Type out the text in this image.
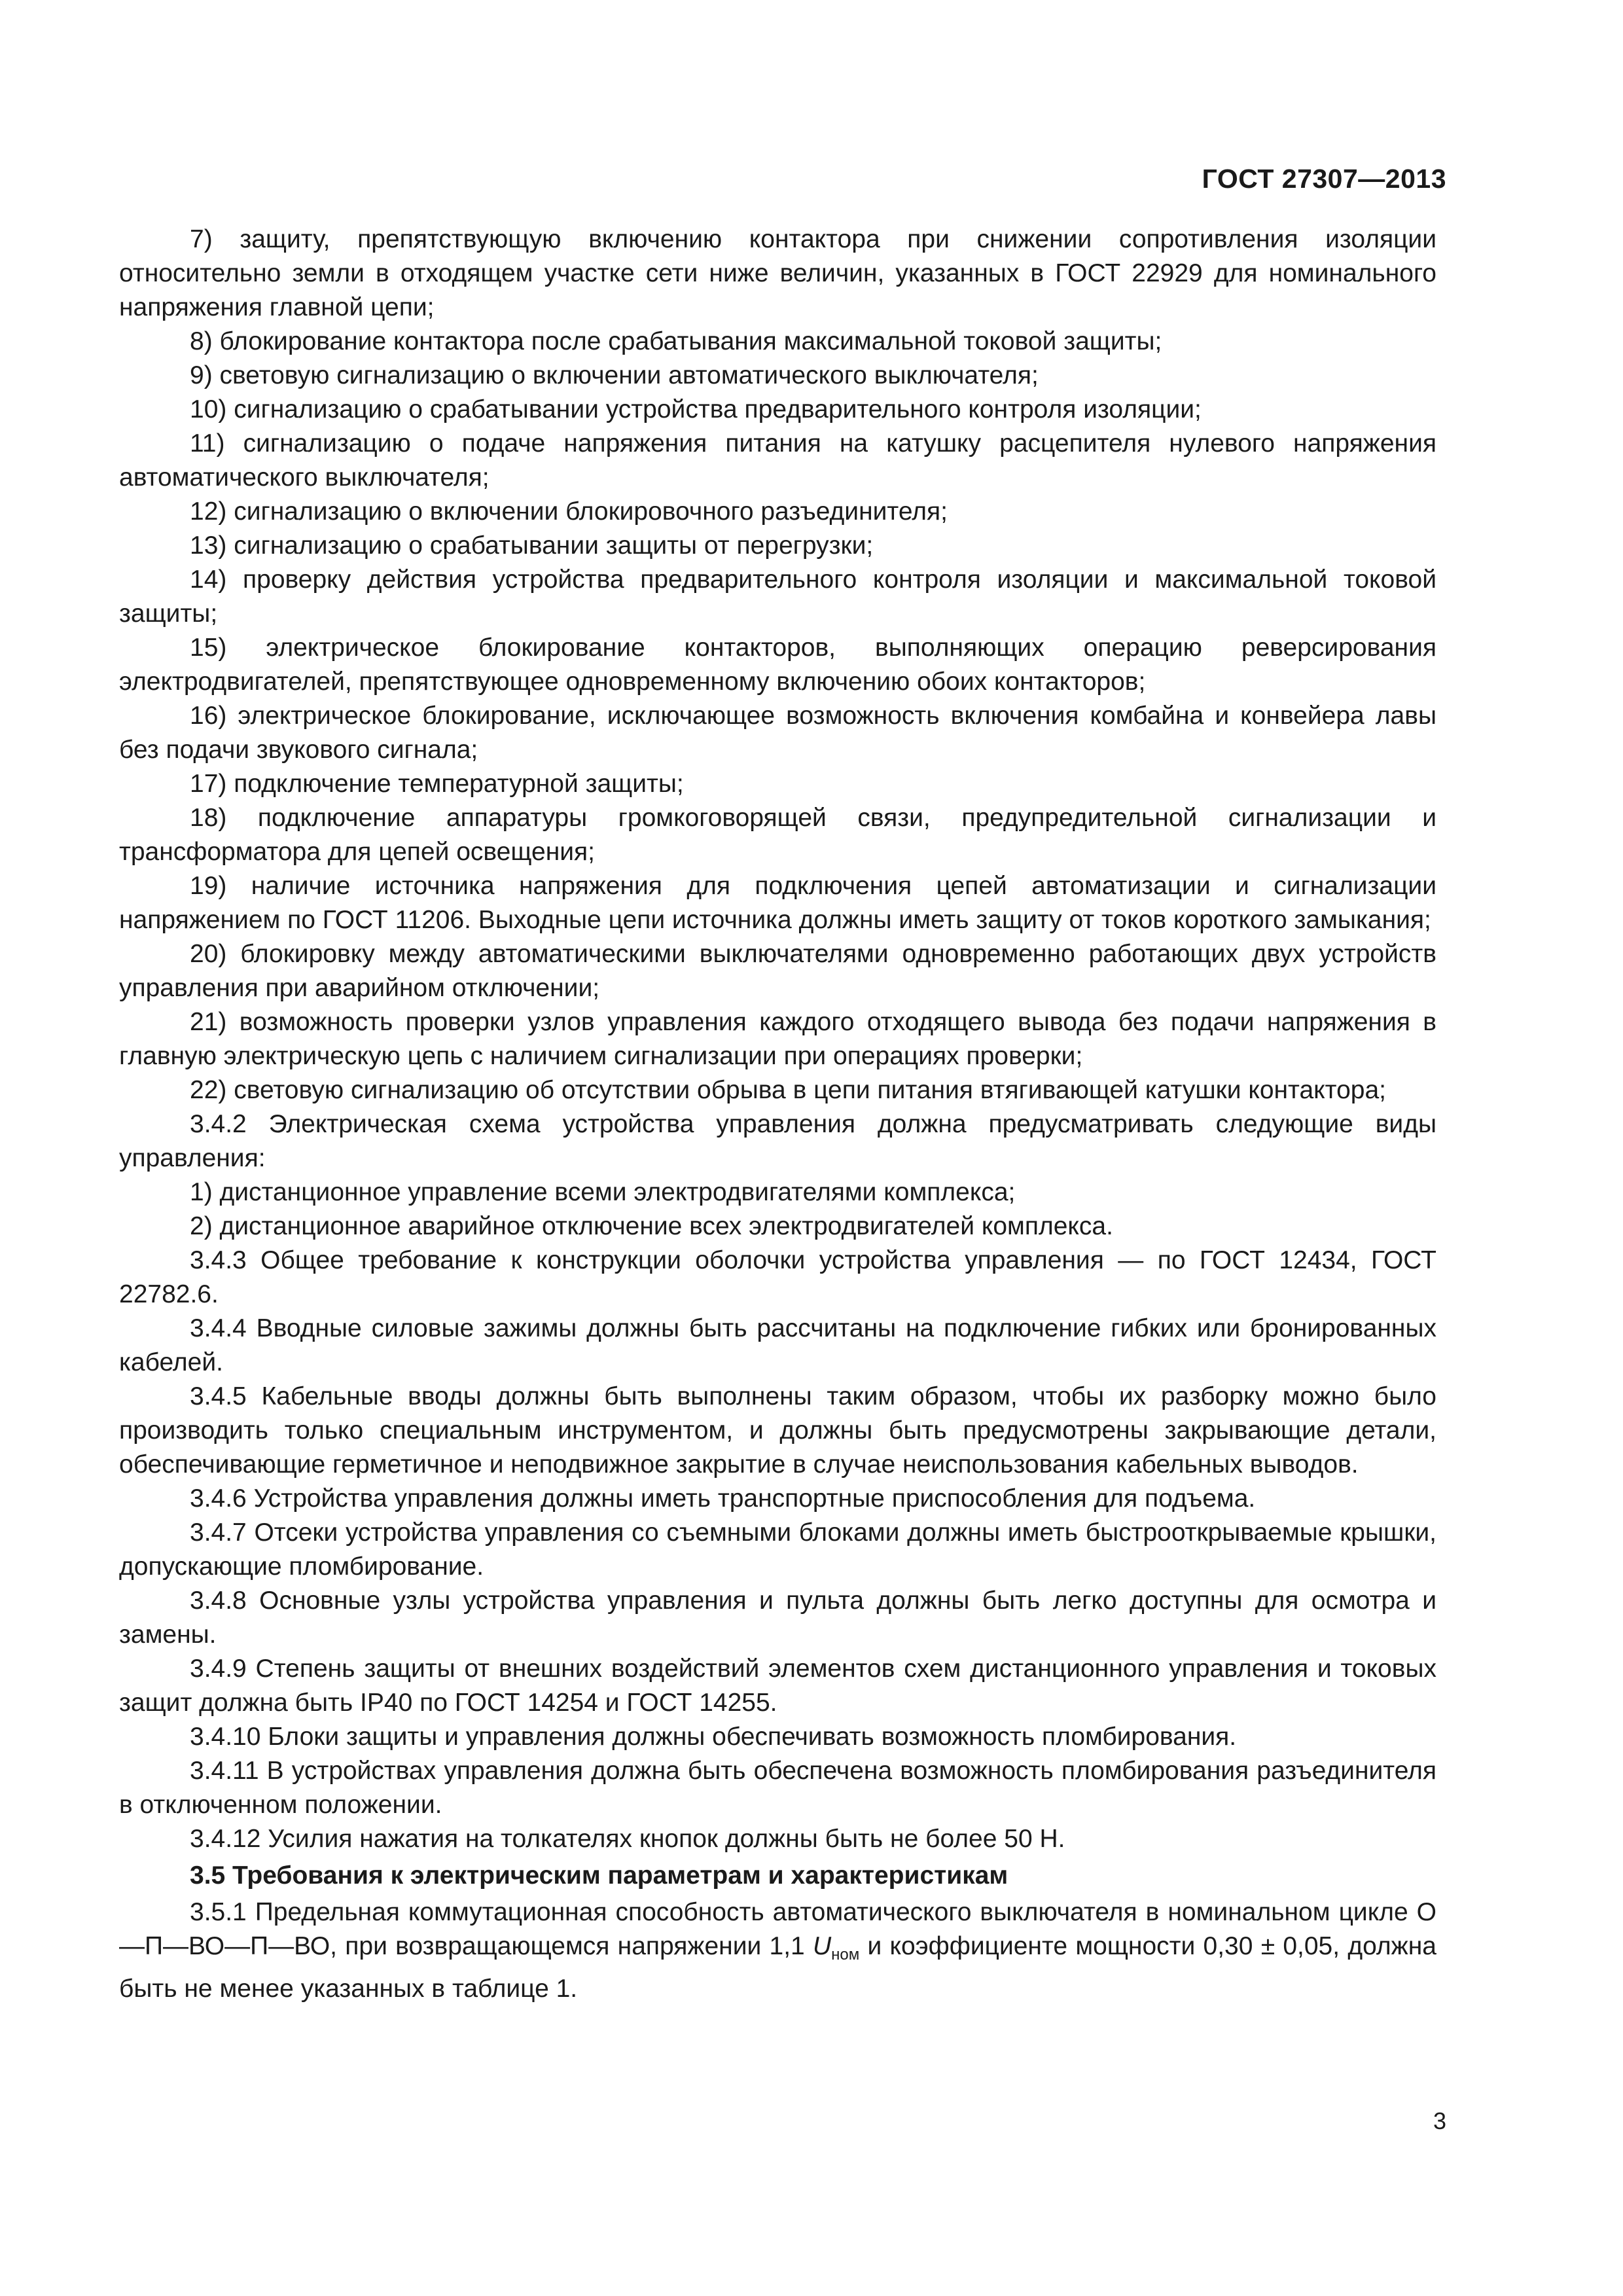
ГОСТ 27307—2013

7) защиту, препятствующую включению контактора при снижении сопротивления изоляции относительно земли в отходящем участке сети ниже величин, указанных в ГОСТ 22929 для номинального напряжения главной цепи;

8) блокирование контактора после срабатывания максимальной токовой защиты;

9) световую сигнализацию о включении автоматического выключателя;

10) сигнализацию о срабатывании устройства предварительного контроля изоляции;

11) сигнализацию о подаче напряжения питания на катушку расцепителя нулевого напряжения автоматического выключателя;

12) сигнализацию о включении блокировочного разъединителя;

13) сигнализацию о срабатывании защиты от перегрузки;

14) проверку действия устройства предварительного контроля изоляции и максимальной токовой защиты;

15) электрическое блокирование контакторов, выполняющих операцию реверсирования электродвигателей, препятствующее одновременному включению обоих контакторов;

16) электрическое блокирование, исключающее возможность включения комбайна и конвейера лавы без подачи звукового сигнала;

17) подключение температурной защиты;

18) подключение аппаратуры громкоговорящей связи, предупредительной сигнализации и трансформатора для цепей освещения;

19) наличие источника напряжения для подключения цепей автоматизации и сигнализации напряжением по ГОСТ 11206. Выходные цепи источника должны иметь защиту от токов короткого замыкания;

20) блокировку между автоматическими выключателями одновременно работающих двух устройств управления при аварийном отключении;

21) возможность проверки узлов управления каждого отходящего вывода без подачи напряжения в главную электрическую цепь с наличием сигнализации при операциях проверки;

22) световую сигнализацию об отсутствии обрыва в цепи питания втягивающей катушки контактора;

3.4.2 Электрическая схема устройства управления должна предусматривать следующие виды управления:

1) дистанционное управление всеми электродвигателями комплекса;

2) дистанционное аварийное отключение всех электродвигателей комплекса.

3.4.3 Общее требование к конструкции оболочки устройства управления — по ГОСТ 12434, ГОСТ 22782.6.

3.4.4 Вводные силовые зажимы должны быть рассчитаны на подключение гибких или бронированных кабелей.

3.4.5 Кабельные вводы должны быть выполнены таким образом, чтобы их разборку можно было производить только специальным инструментом, и должны быть предусмотрены закрывающие детали, обеспечивающие герметичное и неподвижное закрытие в случае неиспользования кабельных выводов.

3.4.6 Устройства управления должны иметь транспортные приспособления для подъема.

3.4.7 Отсеки устройства управления со съемными блоками должны иметь быстрооткрываемые крышки, допускающие пломбирование.

3.4.8 Основные узлы устройства управления и пульта должны быть легко доступны для осмотра и замены.

3.4.9 Степень защиты от внешних воздействий элементов схем дистанционного управления и токовых защит должна быть IP40 по ГОСТ 14254 и ГОСТ 14255.

3.4.10 Блоки защиты и управления должны обеспечивать возможность пломбирования.

3.4.11 В устройствах управления должна быть обеспечена возможность пломбирования разъединителя в отключенном положении.

3.4.12 Усилия нажатия на толкателях кнопок должны быть не более 50 Н.

3.5 Требования к электрическим параметрам и характеристикам

3.5.1 Предельная коммутационная способность автоматического выключателя в номинальном цикле О—П—ВО—П—ВО, при возвращающемся напряжении 1,1 $U_{ном}$ и коэффициенте мощности 0,30 ± 0,05, должна быть не менее указанных в таблице 1.

3
